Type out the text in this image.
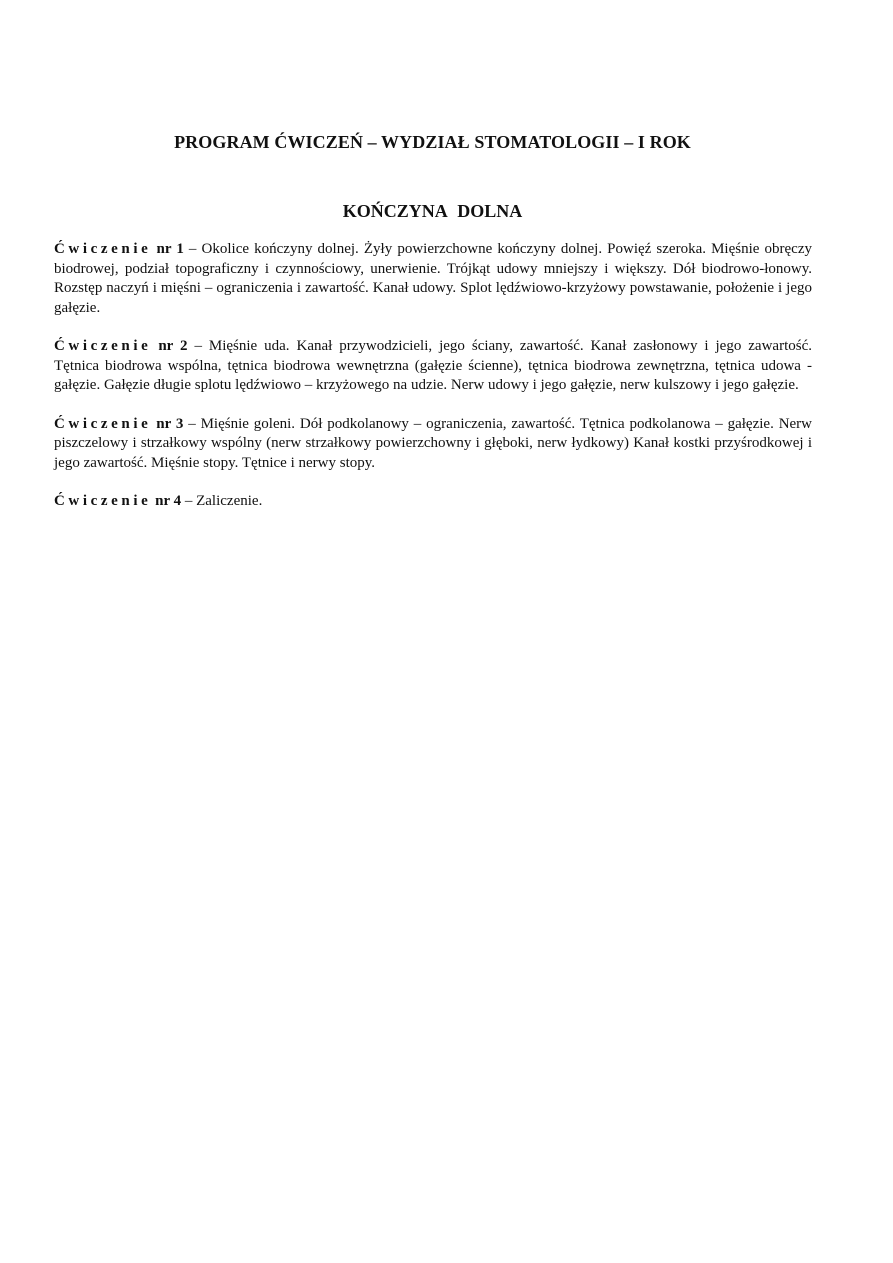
PROGRAM ĆWICZEŃ – WYDZIAŁ STOMATOLOGII – I ROK
KOŃCZYNA DOLNA

Ćwiczenie nr 1 – Okolice kończyny dolnej. Żyły powierzchowne kończyny dolnej. Powięź szeroka. Mięśnie obręczy biodrowej, podział topograficzny i czynnościowy, unerwienie. Trójkąt udowy mniejszy i większy. Dół biodrowo-łonowy. Rozstęp naczyń i mięśni – ograniczenia i zawartość. Kanał udowy. Splot lędźwiowo-krzyżowy powstawanie, położenie i jego gałęzie.

Ćwiczenie nr 2 – Mięśnie uda. Kanał przywodzicieli, jego ściany, zawartość. Kanał zasłonowy i jego zawartość. Tętnica biodrowa wspólna, tętnica biodrowa wewnętrzna (gałęzie ścienne), tętnica biodrowa zewnętrzna, tętnica udowa - gałęzie. Gałęzie długie splotu lędźwiowo – krzyżowego na udzie. Nerw udowy i jego gałęzie, nerw kulszowy i jego gałęzie.

Ćwiczenie nr 3 – Mięśnie goleni. Dół podkolanowy – ograniczenia, zawartość. Tętnica podkolanowa – gałęzie. Nerw piszczelowy i strzałkowy wspólny (nerw strzałkowy powierzchowny i głęboki, nerw łydkowy) Kanał kostki przyśrodkowej i jego zawartość. Mięśnie stopy. Tętnice i nerwy stopy.

Ćwiczenie nr 4 – Zaliczenie.
